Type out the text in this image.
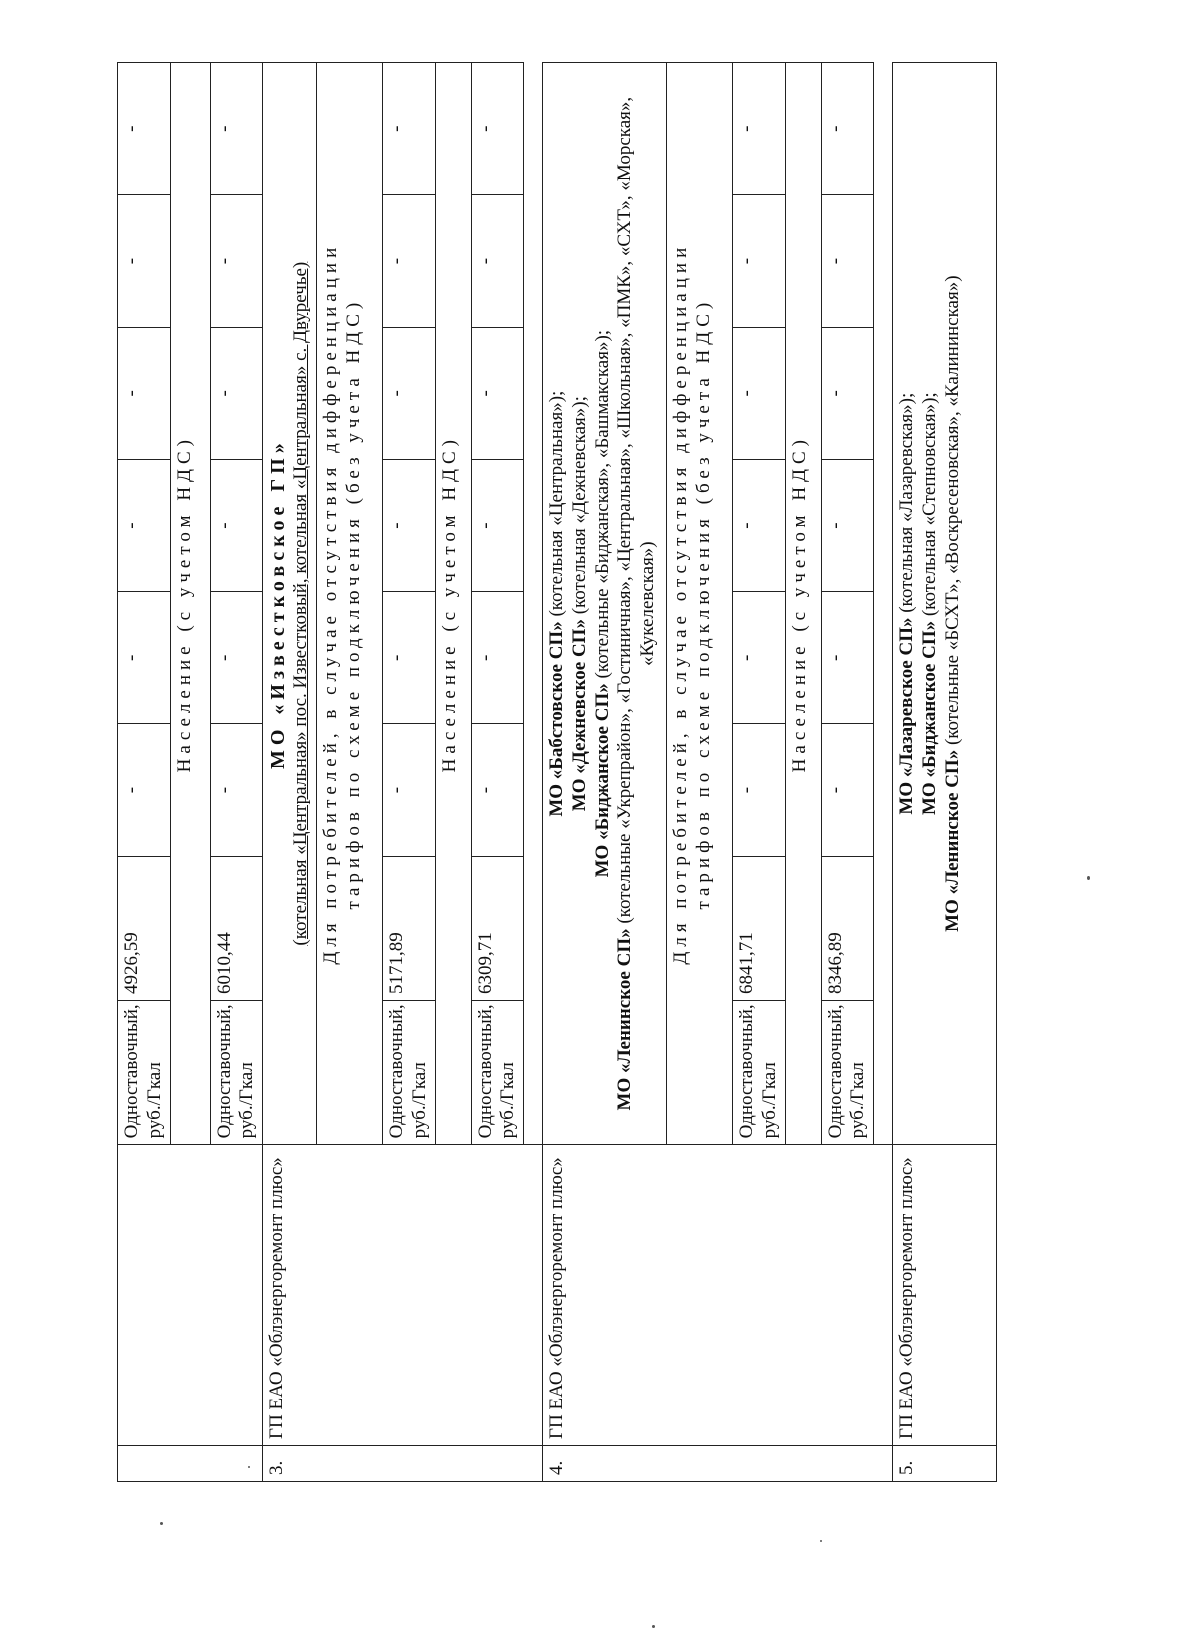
		Одноставочный, руб./Гкал	4926,59	-	-	-	-	-	-
		Население (с учетом НДС)							
		Одноставочный, руб./Гкал	6010,44	-	-	-	-	-	-
3.	ГП ЕАО «Облэнергоремонт плюс»	МО «Известковское ГП» (котельная «Центральная» пос. Известковый, котельная «Центральная» с. Двуречье)							

		Для потребителей, в случае отсутствия дифференциации тарифов по схеме подключения (без учета НДС)							

		Одноставочный, руб./Гкал	5171,89	-	-	-	-	-	-
		Население (с учетом НДС)							
		Одноставочный, руб./Гкал	6309,71	-	-	-	-	-	-

4.	ГП ЕАО «Облэнергоремонт плюс»	МО «Бабстовское СП» (котельная «Центральная»);
МО «Дежневское СП» (котельная «Дежневская»);
МО «Биджанское СП» (котельные «Биджанская», «Башмакская»);
МО «Ленинское СП» (котельные «Укрепрайон», «Гостиничная», «Центральная», «Школьная», «ПМК», «СХТ», «Морская», «Кукелевская»)							

		Для потребителей, в случае отсутствия дифференциации тарифов по схеме подключения (без учета НДС)							

		Одноставочный, руб./Гкал	6841,71	-	-	-	-	-	-
		Население (с учетом НДС)							
		Одноставочный, руб./Гкал	8346,89	-	-	-	-	-	-

5.	ГП ЕАО «Облэнергоремонт плюс»	МО «Лазаревское СП» (котельная «Лазаревская»);
МО «Биджанское СП» (котельная «Степновская»);
МО «Ленинское СП» (котельные «БСХТ», «Воскресеновская», «Калининская»)							
